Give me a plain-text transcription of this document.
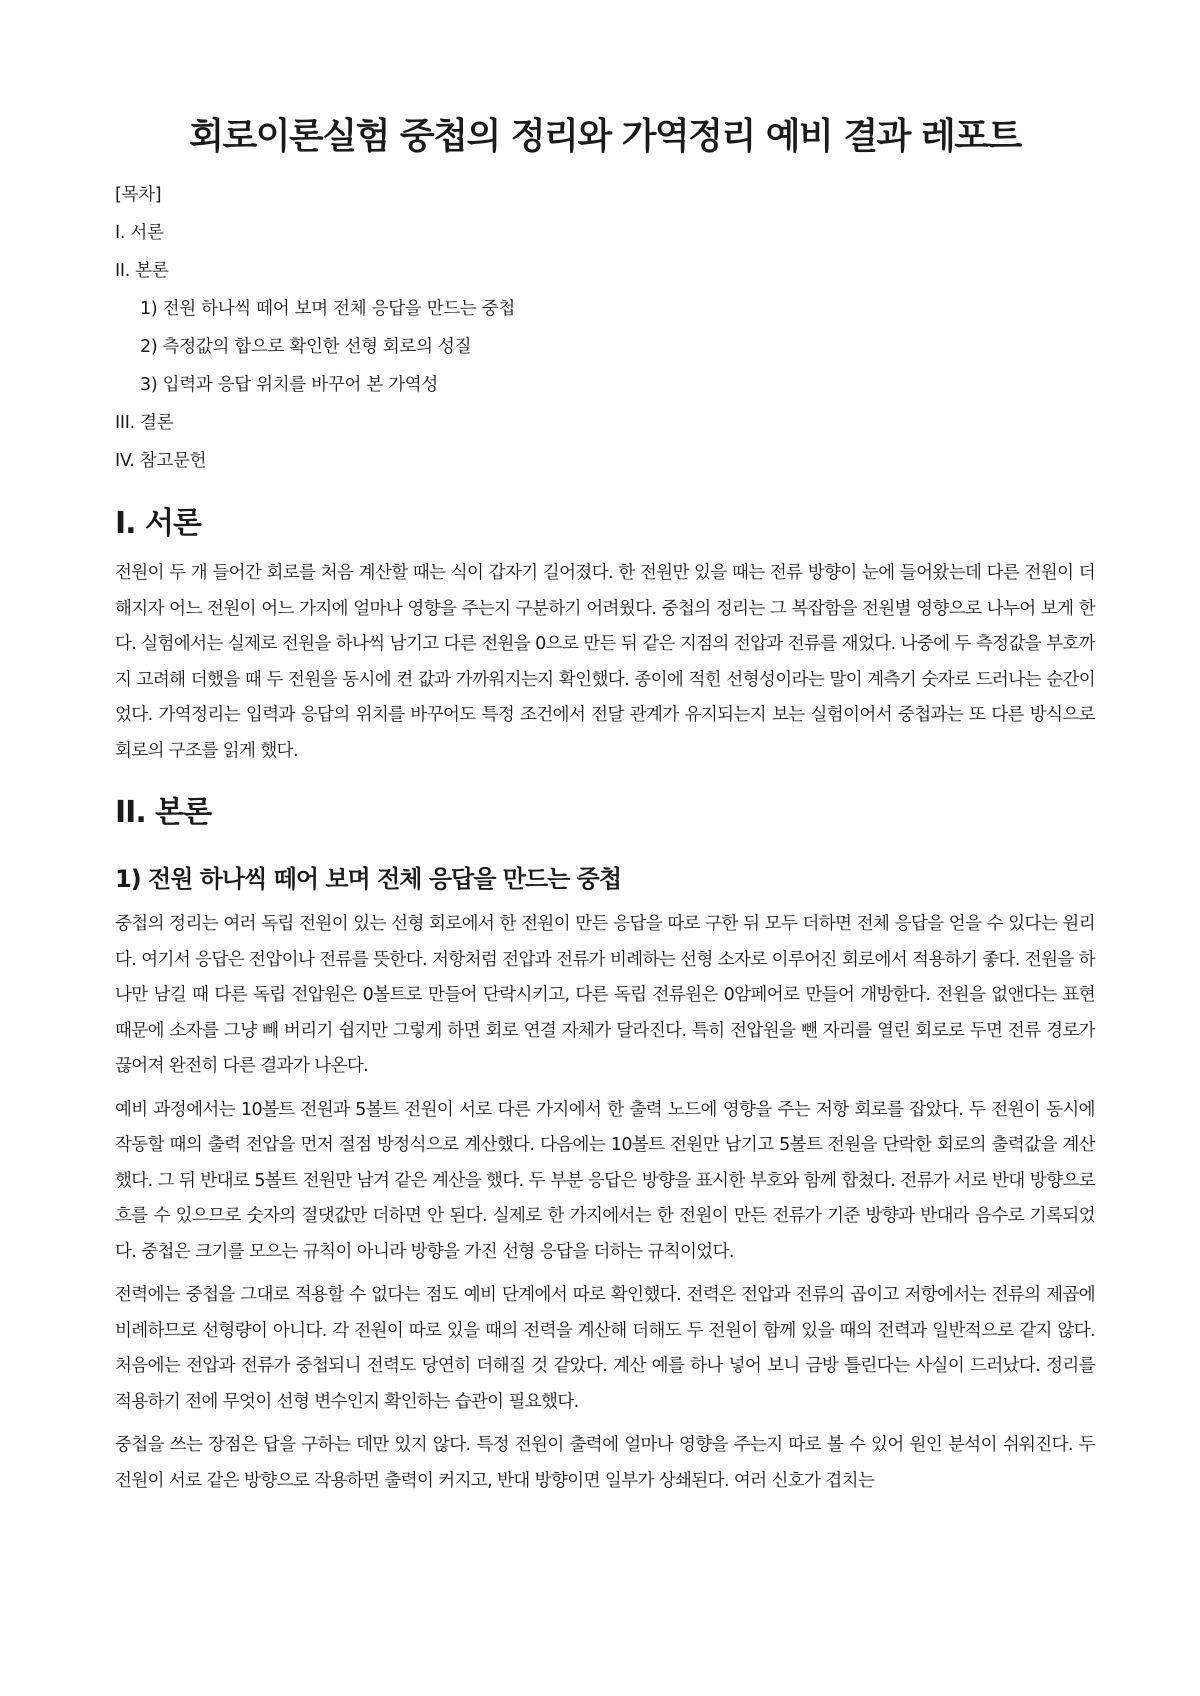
회로이론실험 중첩의 정리와 가역정리 예비 결과 레포트
[목차]
I. 서론
II. 본론
1) 전원 하나씩 떼어 보며 전체 응답을 만드는 중첩
2) 측정값의 합으로 확인한 선형 회로의 성질
3) 입력과 응답 위치를 바꾸어 본 가역성
III. 결론
IV. 참고문헌
I. 서론

전원이 두 개 들어간 회로를 처음 계산할 때는 식이 갑자기 길어졌다. 한 전원만 있을 때는 전류 방향이 눈에 들어왔는데 다른 전원이 더해지자 어느 전원이 어느 가지에 얼마나 영향을 주는지 구분하기 어려웠다. 중첩의 정리는 그 복잡함을 전원별 영향으로 나누어 보게 한다. 실험에서는 실제로 전원을 하나씩 남기고 다른 전원을 0으로 만든 뒤 같은 지점의 전압과 전류를 재었다. 나중에 두 측정값을 부호까지 고려해 더했을 때 두 전원을 동시에 켠 값과 가까워지는지 확인했다. 종이에 적힌 선형성이라는 말이 계측기 숫자로 드러나는 순간이었다. 가역정리는 입력과 응답의 위치를 바꾸어도 특정 조건에서 전달 관계가 유지되는지 보는 실험이어서 중첩과는 또 다른 방식으로 회로의 구조를 읽게 했다.

II. 본론
1) 전원 하나씩 떼어 보며 전체 응답을 만드는 중첩

중첩의 정리는 여러 독립 전원이 있는 선형 회로에서 한 전원이 만든 응답을 따로 구한 뒤 모두 더하면 전체 응답을 얻을 수 있다는 원리다. 여기서 응답은 전압이나 전류를 뜻한다. 저항처럼 전압과 전류가 비례하는 선형 소자로 이루어진 회로에서 적용하기 좋다. 전원을 하나만 남길 때 다른 독립 전압원은 0볼트로 만들어 단락시키고, 다른 독립 전류원은 0암페어로 만들어 개방한다. 전원을 없앤다는 표현 때문에 소자를 그냥 빼 버리기 쉽지만 그렇게 하면 회로 연결 자체가 달라진다. 특히 전압원을 뺀 자리를 열린 회로로 두면 전류 경로가 끊어져 완전히 다른 결과가 나온다.

예비 과정에서는 10볼트 전원과 5볼트 전원이 서로 다른 가지에서 한 출력 노드에 영향을 주는 저항 회로를 잡았다. 두 전원이 동시에 작동할 때의 출력 전압을 먼저 절점 방정식으로 계산했다. 다음에는 10볼트 전원만 남기고 5볼트 전원을 단락한 회로의 출력값을 계산했다. 그 뒤 반대로 5볼트 전원만 남겨 같은 계산을 했다. 두 부분 응답은 방향을 표시한 부호와 함께 합쳤다. 전류가 서로 반대 방향으로 흐를 수 있으므로 숫자의 절댓값만 더하면 안 된다. 실제로 한 가지에서는 한 전원이 만든 전류가 기준 방향과 반대라 음수로 기록되었다. 중첩은 크기를 모으는 규칙이 아니라 방향을 가진 선형 응답을 더하는 규칙이었다.

전력에는 중첩을 그대로 적용할 수 없다는 점도 예비 단계에서 따로 확인했다. 전력은 전압과 전류의 곱이고 저항에서는 전류의 제곱에 비례하므로 선형량이 아니다. 각 전원이 따로 있을 때의 전력을 계산해 더해도 두 전원이 함께 있을 때의 전력과 일반적으로 같지 않다. 처음에는 전압과 전류가 중첩되니 전력도 당연히 더해질 것 같았다. 계산 예를 하나 넣어 보니 금방 틀린다는 사실이 드러났다. 정리를 적용하기 전에 무엇이 선형 변수인지 확인하는 습관이 필요했다.

중첩을 쓰는 장점은 답을 구하는 데만 있지 않다. 특정 전원이 출력에 얼마나 영향을 주는지 따로 볼 수 있어 원인 분석이 쉬워진다. 두 전원이 서로 같은 방향으로 작용하면 출력이 커지고, 반대 방향이면 일부가 상쇄된다. 여러 신호가 겹치는
